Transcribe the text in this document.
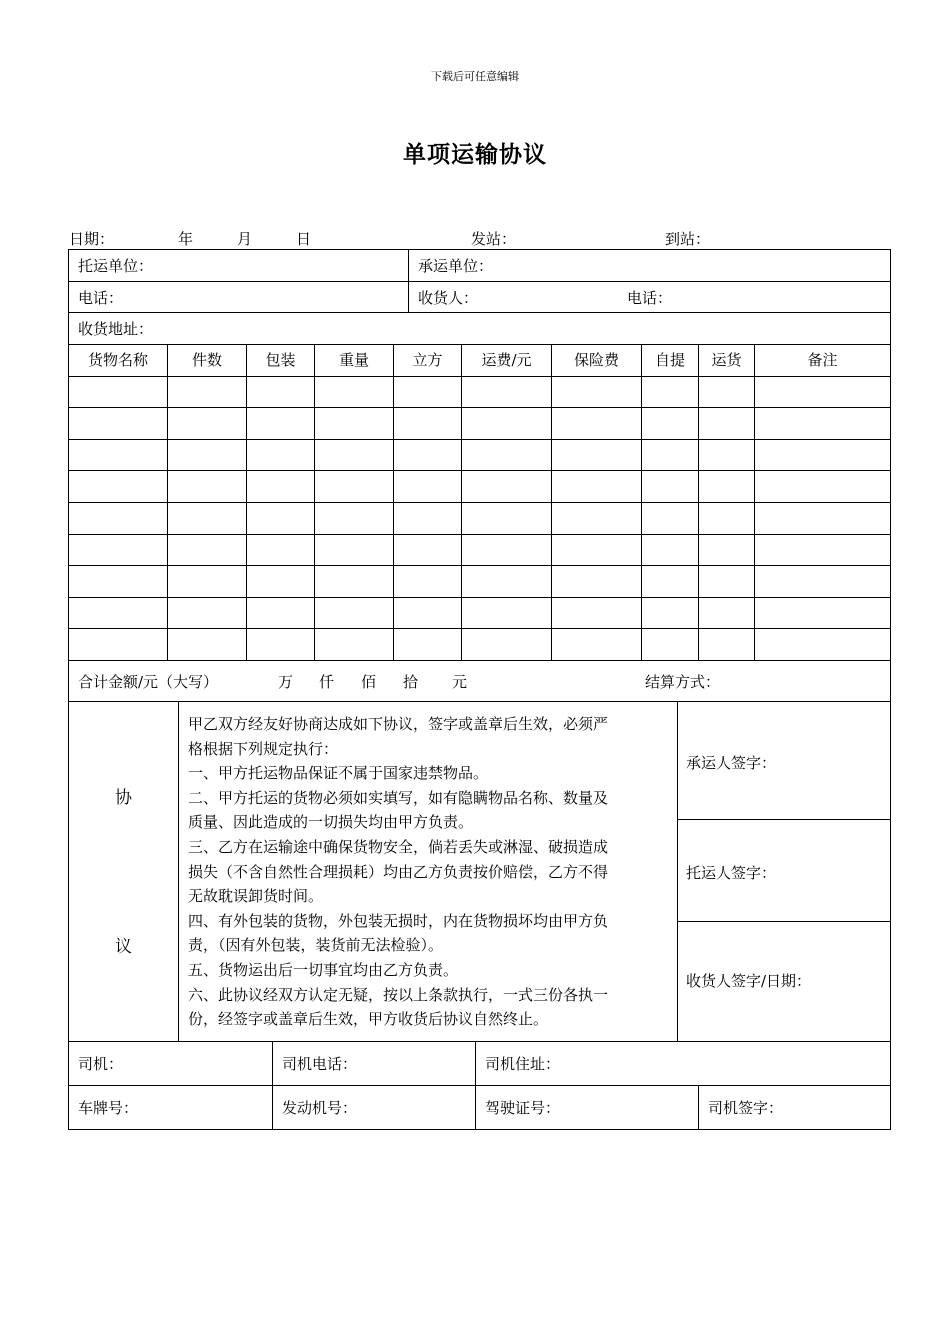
下载后可任意编辑
单项运输协议
日期：	年	月	日	发站：	到站：
托运单位：	承运单位：
电话：	收货人：	电话：
收货地址：
货物名称	件数	包装	重量	立方	运费/元	保险费	自提	运货	备注
合计金额/元（大写）	万 仟 佰 拾 元	结算方式：
协
议
甲乙双方经友好协商达成如下协议，签字或盖章后生效，必须严
格根据下列规定执行：
一、甲方托运物品保证不属于国家违禁物品。
二、甲方托运的货物必须如实填写，如有隐瞒物品名称、数量及
质量、因此造成的一切损失均由甲方负责。
三、乙方在运输途中确保货物安全，倘若丢失或淋湿、破损造成
损失（不含自然性合理损耗）均由乙方负责按价赔偿，乙方不得
无故耽误卸货时间。
四、有外包装的货物，外包装无损时，内在货物损坏均由甲方负
责，（因有外包装，装货前无法检验）。
五、货物运出后一切事宜均由乙方负责。
六、此协议经双方认定无疑，按以上条款执行，一式三份各执一
份，经签字或盖章后生效，甲方收货后协议自然终止。
承运人签字：
托运人签字：
收货人签字/日期：
司机：	司机电话：	司机住址：
车牌号：	发动机号：	驾驶证号：	司机签字：
